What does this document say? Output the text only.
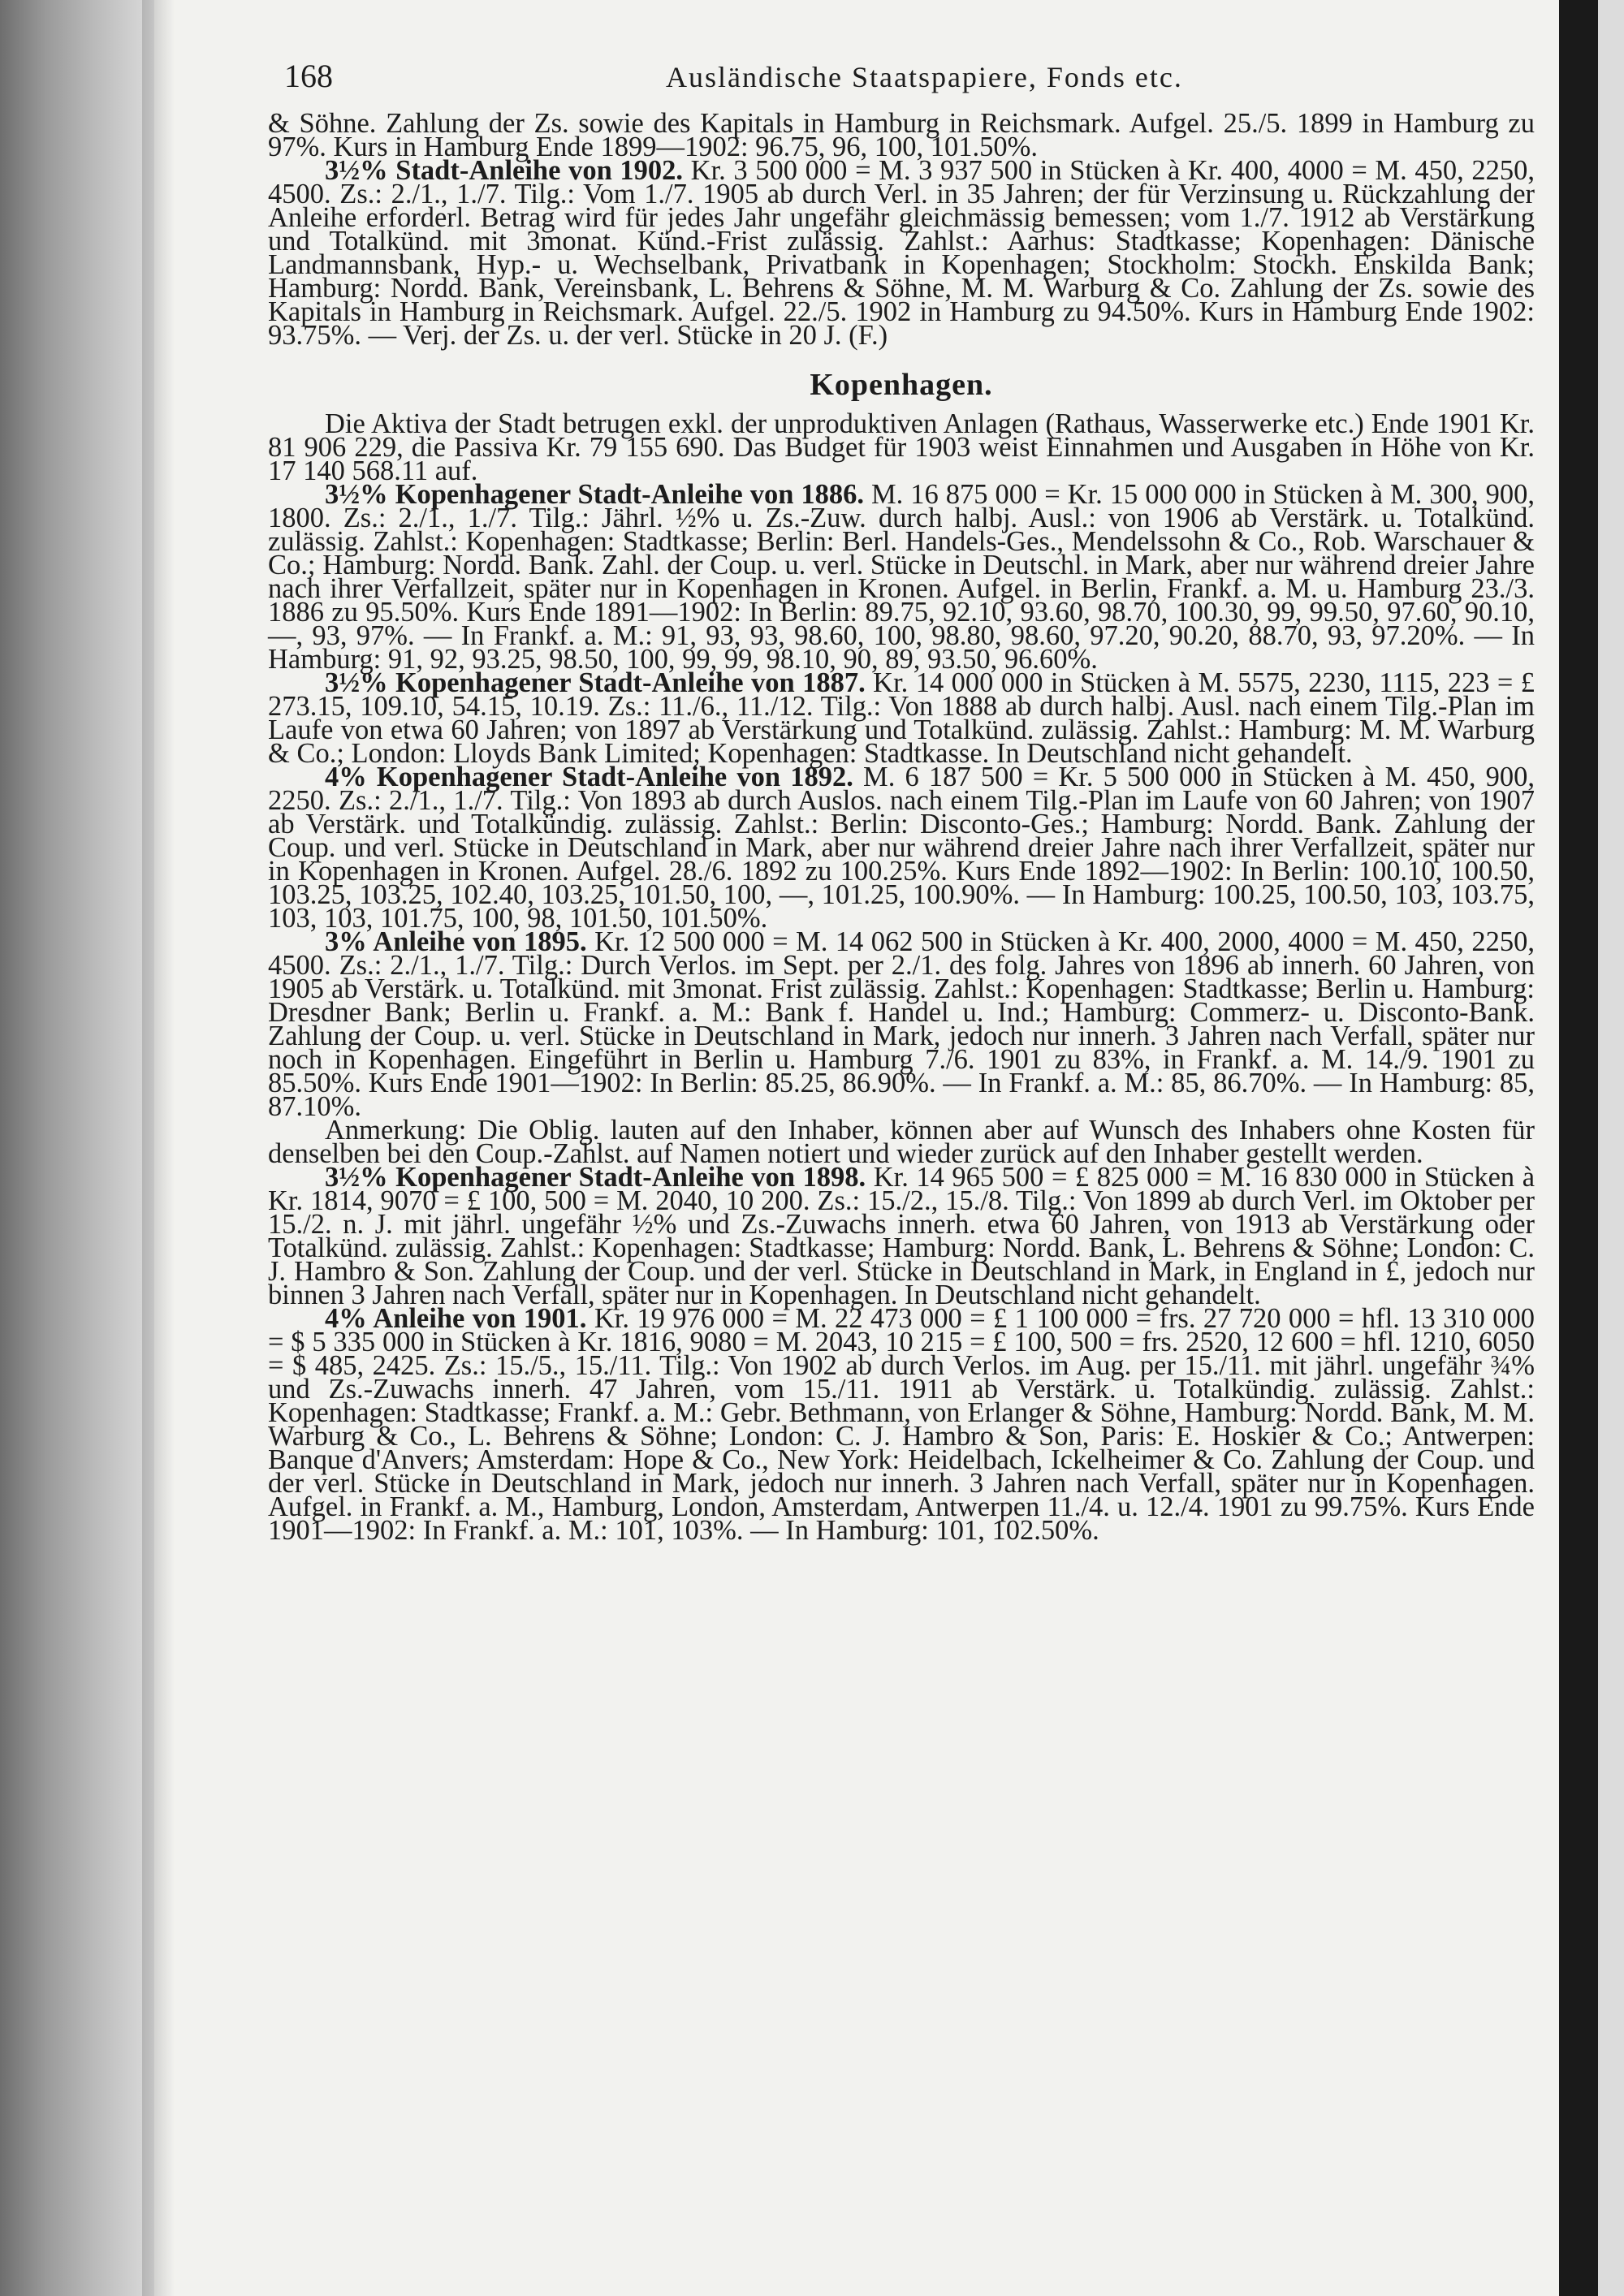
168	Ausländische Staatspapiere, Fonds etc.

& Söhne. Zahlung der Zs. sowie des Kapitals in Hamburg in Reichsmark. Aufgel. 25./5. 1899 in Hamburg zu 97%. Kurs in Hamburg Ende 1899—1902: 96.75, 96, 100, 101.50%.

3½% Stadt-Anleihe von 1902. Kr. 3 500 000 = M. 3 937 500 in Stücken à Kr. 400, 4000 = M. 450, 2250, 4500. Zs.: 2./1., 1./7. Tilg.: Vom 1./7. 1905 ab durch Verl. in 35 Jahren; der für Verzinsung u. Rückzahlung der Anleihe erforderl. Betrag wird für jedes Jahr ungefähr gleichmässig bemessen; vom 1./7. 1912 ab Verstärkung und Totalkünd. mit 3monat. Künd.-Frist zulässig. Zahlst.: Aarhus: Stadtkasse; Kopenhagen: Dänische Landmannsbank, Hyp.- u. Wechselbank, Privatbank in Kopenhagen; Stockholm: Stockh. Enskilda Bank; Hamburg: Nordd. Bank, Vereinsbank, L. Behrens & Söhne, M. M. Warburg & Co. Zahlung der Zs. sowie des Kapitals in Hamburg in Reichsmark. Aufgel. 22./5. 1902 in Hamburg zu 94.50%. Kurs in Hamburg Ende 1902: 93.75%. — Verj. der Zs. u. der verl. Stücke in 20 J. (F.)

Kopenhagen.

Die Aktiva der Stadt betrugen exkl. der unproduktiven Anlagen (Rathaus, Wasserwerke etc.) Ende 1901 Kr. 81 906 229, die Passiva Kr. 79 155 690. Das Budget für 1903 weist Einnahmen und Ausgaben in Höhe von Kr. 17 140 568.11 auf.

3½% Kopenhagener Stadt-Anleihe von 1886. M. 16 875 000 = Kr. 15 000 000 in Stücken à M. 300, 900, 1800. Zs.: 2./1., 1./7. Tilg.: Jährl. ½% u. Zs.-Zuw. durch halbj. Ausl.: von 1906 ab Verstärk. u. Totalkünd. zulässig. Zahlst.: Kopenhagen: Stadtkasse; Berlin: Berl. Handels-Ges., Mendelssohn & Co., Rob. Warschauer & Co.; Hamburg: Nordd. Bank. Zahl. der Coup. u. verl. Stücke in Deutschl. in Mark, aber nur während dreier Jahre nach ihrer Verfallzeit, später nur in Kopenhagen in Kronen. Aufgel. in Berlin, Frankf. a. M. u. Hamburg 23./3. 1886 zu 95.50%. Kurs Ende 1891—1902: In Berlin: 89.75, 92.10, 93.60, 98.70, 100.30, 99, 99.50, 97.60, 90.10, —, 93, 97%. — In Frankf. a. M.: 91, 93, 93, 98.60, 100, 98.80, 98.60, 97.20, 90.20, 88.70, 93, 97.20%. — In Hamburg: 91, 92, 93.25, 98.50, 100, 99, 99, 98.10, 90, 89, 93.50, 96.60%.

3½% Kopenhagener Stadt-Anleihe von 1887. Kr. 14 000 000 in Stücken à M. 5575, 2230, 1115, 223 = £ 273.15, 109.10, 54.15, 10.19. Zs.: 11./6., 11./12. Tilg.: Von 1888 ab durch halbj. Ausl. nach einem Tilg.-Plan im Laufe von etwa 60 Jahren; von 1897 ab Verstärkung und Totalkünd. zulässig. Zahlst.: Hamburg: M. M. Warburg & Co.; London: Lloyds Bank Limited; Kopenhagen: Stadtkasse. In Deutschland nicht gehandelt.

4% Kopenhagener Stadt-Anleihe von 1892. M. 6 187 500 = Kr. 5 500 000 in Stücken à M. 450, 900, 2250. Zs.: 2./1., 1./7. Tilg.: Von 1893 ab durch Auslos. nach einem Tilg.-Plan im Laufe von 60 Jahren; von 1907 ab Verstärk. und Totalkündig. zulässig. Zahlst.: Berlin: Disconto-Ges.; Hamburg: Nordd. Bank. Zahlung der Coup. und verl. Stücke in Deutschland in Mark, aber nur während dreier Jahre nach ihrer Verfallzeit, später nur in Kopenhagen in Kronen. Aufgel. 28./6. 1892 zu 100.25%. Kurs Ende 1892—1902: In Berlin: 100.10, 100.50, 103.25, 103.25, 102.40, 103.25, 101.50, 100, —, 101.25, 100.90%. — In Hamburg: 100.25, 100.50, 103, 103.75, 103, 103, 101.75, 100, 98, 101.50, 101.50%.

3% Anleihe von 1895. Kr. 12 500 000 = M. 14 062 500 in Stücken à Kr. 400, 2000, 4000 = M. 450, 2250, 4500. Zs.: 2./1., 1./7. Tilg.: Durch Verlos. im Sept. per 2./1. des folg. Jahres von 1896 ab innerh. 60 Jahren, von 1905 ab Verstärk. u. Totalkünd. mit 3monat. Frist zulässig. Zahlst.: Kopenhagen: Stadtkasse; Berlin u. Hamburg: Dresdner Bank; Berlin u. Frankf. a. M.: Bank f. Handel u. Ind.; Hamburg: Commerz- u. Disconto-Bank. Zahlung der Coup. u. verl. Stücke in Deutschland in Mark, jedoch nur innerh. 3 Jahren nach Verfall, später nur noch in Kopenhagen. Eingeführt in Berlin u. Hamburg 7./6. 1901 zu 83%, in Frankf. a. M. 14./9. 1901 zu 85.50%. Kurs Ende 1901—1902: In Berlin: 85.25, 86.90%. — In Frankf. a. M.: 85, 86.70%. — In Hamburg: 85, 87.10%.

Anmerkung: Die Oblig. lauten auf den Inhaber, können aber auf Wunsch des Inhabers ohne Kosten für denselben bei den Coup.-Zahlst. auf Namen notiert und wieder zurück auf den Inhaber gestellt werden.

3½% Kopenhagener Stadt-Anleihe von 1898. Kr. 14 965 500 = £ 825 000 = M. 16 830 000 in Stücken à Kr. 1814, 9070 = £ 100, 500 = M. 2040, 10 200. Zs.: 15./2., 15./8. Tilg.: Von 1899 ab durch Verl. im Oktober per 15./2. n. J. mit jährl. ungefähr ½% und Zs.-Zuwachs innerh. etwa 60 Jahren, von 1913 ab Verstärkung oder Totalkünd. zulässig. Zahlst.: Kopenhagen: Stadtkasse; Hamburg: Nordd. Bank, L. Behrens & Söhne; London: C. J. Hambro & Son. Zahlung der Coup. und der verl. Stücke in Deutschland in Mark, in England in £, jedoch nur binnen 3 Jahren nach Verfall, später nur in Kopenhagen. In Deutschland nicht gehandelt.

4% Anleihe von 1901. Kr. 19 976 000 = M. 22 473 000 = £ 1 100 000 = frs. 27 720 000 = hfl. 13 310 000 = $ 5 335 000 in Stücken à Kr. 1816, 9080 = M. 2043, 10 215 = £ 100, 500 = frs. 2520, 12 600 = hfl. 1210, 6050 = $ 485, 2425. Zs.: 15./5., 15./11. Tilg.: Von 1902 ab durch Verlos. im Aug. per 15./11. mit jährl. ungefähr ¾% und Zs.-Zuwachs innerh. 47 Jahren, vom 15./11. 1911 ab Verstärk. u. Totalkündig. zulässig. Zahlst.: Kopenhagen: Stadtkasse; Frankf. a. M.: Gebr. Bethmann, von Erlanger & Söhne, Hamburg: Nordd. Bank, M. M. Warburg & Co., L. Behrens & Söhne; London: C. J. Hambro & Son, Paris: E. Hoskier & Co.; Antwerpen: Banque d'Anvers; Amsterdam: Hope & Co., New York: Heidelbach, Ickelheimer & Co. Zahlung der Coup. und der verl. Stücke in Deutschland in Mark, jedoch nur innerh. 3 Jahren nach Verfall, später nur in Kopenhagen. Aufgel. in Frankf. a. M., Hamburg, London, Amsterdam, Antwerpen 11./4. u. 12./4. 1901 zu 99.75%. Kurs Ende 1901—1902: In Frankf. a. M.: 101, 103%. — In Hamburg: 101, 102.50%.
